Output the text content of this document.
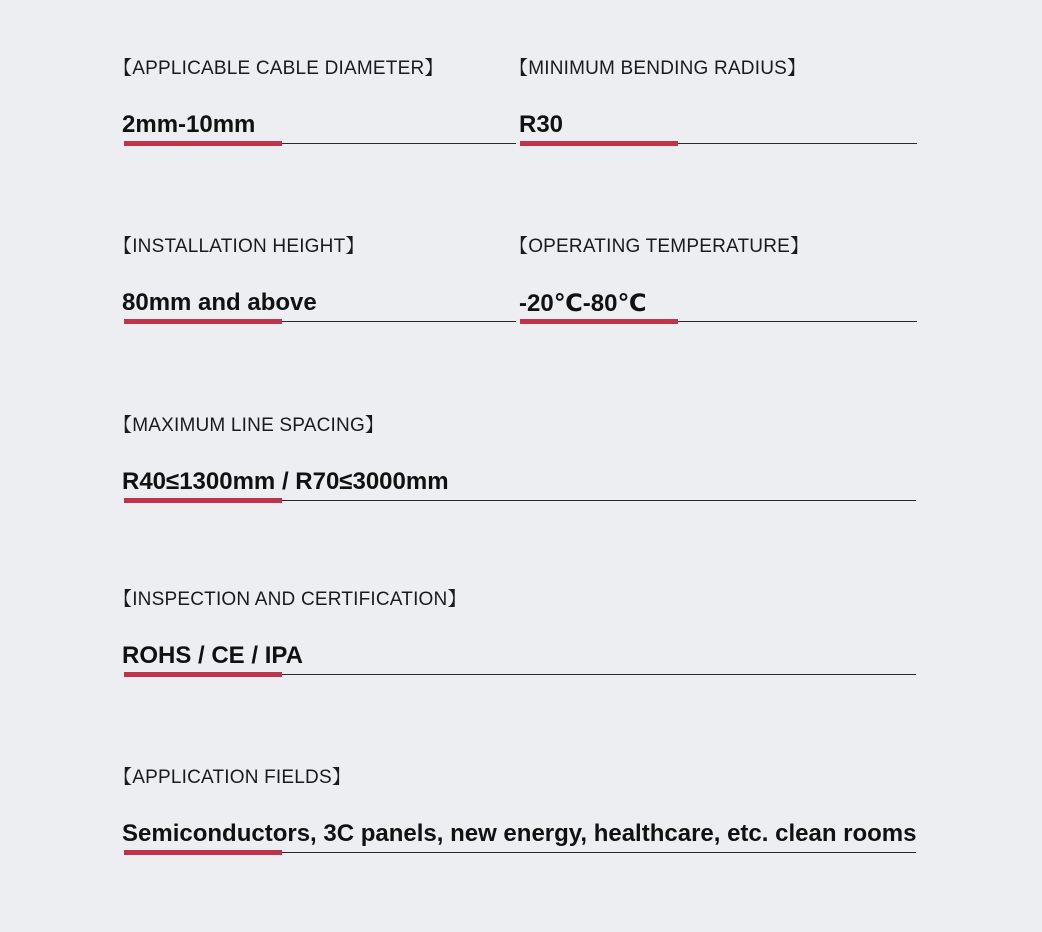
【APPLICABLE CABLE DIAMETER】
2mm-10mm
【MINIMUM BENDING RADIUS】
R30
【INSTALLATION HEIGHT】
80mm and above
【OPERATING TEMPERATURE】
-20℃-80℃
【MAXIMUM LINE SPACING】
R40≤1300mm / R70≤3000mm
【INSPECTION AND CERTIFICATION】
ROHS / CE / IPA
【APPLICATION FIELDS】
Semiconductors, 3C panels, new energy, healthcare, etc. clean rooms
